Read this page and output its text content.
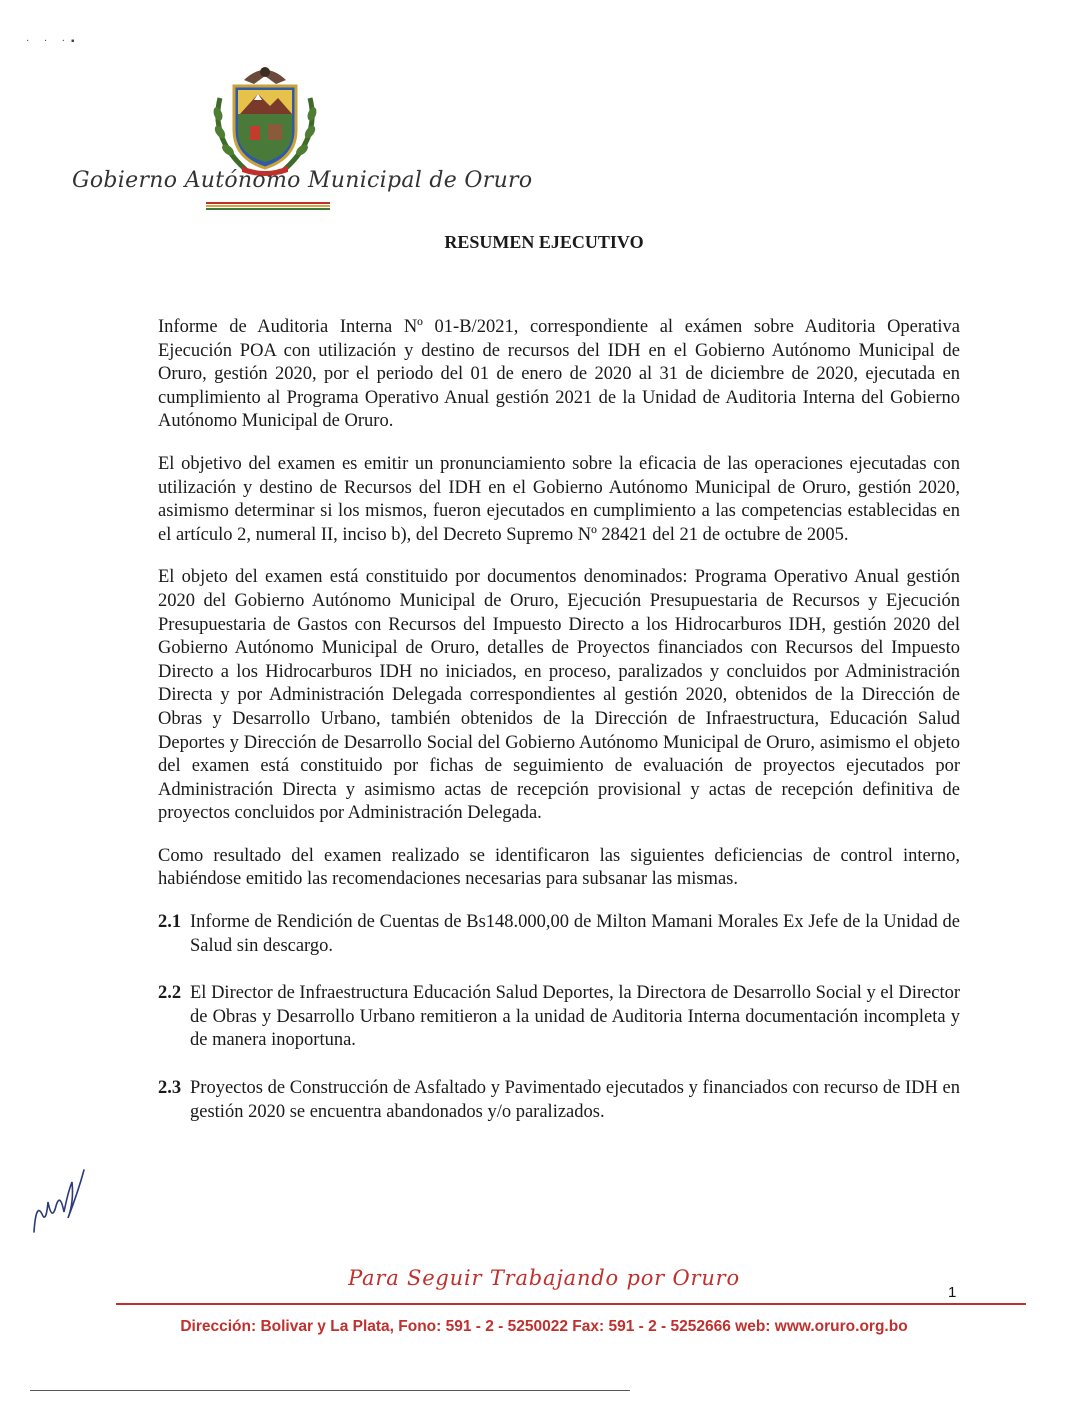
· · ·▪
Gobierno Autónomo Municipal de Oruro
RESUMEN EJECUTIVO

Informe de Auditoria Interna Nº 01-B/2021, correspondiente al exámen sobre Auditoria Operativa Ejecución POA con utilización y destino de recursos del IDH en el Gobierno Autónomo Municipal de Oruro, gestión 2020, por el periodo del 01 de enero de 2020 al 31 de diciembre de 2020, ejecutada en cumplimiento al Programa Operativo Anual gestión 2021 de la Unidad de Auditoria Interna del Gobierno Autónomo Municipal de Oruro.

El objetivo del examen es emitir un pronunciamiento sobre la eficacia de las operaciones ejecutadas con utilización y destino de Recursos del IDH en el Gobierno Autónomo Municipal de Oruro, gestión 2020, asimismo determinar si los mismos, fueron ejecutados en cumplimiento a las competencias establecidas en el artículo 2, numeral II, inciso b), del Decreto Supremo Nº 28421 del 21 de octubre de 2005.

El objeto del examen está constituido por documentos denominados: Programa Operativo Anual gestión 2020 del Gobierno Autónomo Municipal de Oruro, Ejecución Presupuestaria de Recursos y Ejecución Presupuestaria de Gastos con Recursos del Impuesto Directo a los Hidrocarburos IDH, gestión 2020 del Gobierno Autónomo Municipal de Oruro, detalles de Proyectos financiados con Recursos del Impuesto Directo a los Hidrocarburos IDH no iniciados, en proceso, paralizados y concluidos por Administración Directa y por Administración Delegada correspondientes al gestión 2020, obtenidos de la Dirección de Obras y Desarrollo Urbano, también obtenidos de la Dirección de Infraestructura, Educación Salud Deportes y Dirección de Desarrollo Social del Gobierno Autónomo Municipal de Oruro, asimismo el objeto del examen está constituido por fichas de seguimiento de evaluación de proyectos ejecutados por Administración Directa y asimismo actas de recepción provisional y actas de recepción definitiva de proyectos concluidos por Administración Delegada.

Como resultado del examen realizado se identificaron las siguientes deficiencias de control interno, habiéndose emitido las recomendaciones necesarias para subsanar las mismas.

2.1 Informe de Rendición de Cuentas de Bs148.000,00 de Milton Mamani Morales Ex Jefe de la Unidad de Salud sin descargo.
2.2 El Director de Infraestructura Educación Salud Deportes, la Directora de Desarrollo Social y el Director de Obras y Desarrollo Urbano remitieron a la unidad de Auditoria Interna documentación incompleta y de manera inoportuna.
2.3 Proyectos de Construcción de Asfaltado y Pavimentado ejecutados y financiados con recurso de IDH en gestión 2020 se encuentra abandonados y/o paralizados.
Para Seguir Trabajando por Oruro
1
Dirección: Bolivar y La Plata, Fono: 591 - 2 - 5250022 Fax: 591 - 2 - 5252666 web: www.oruro.org.bo
